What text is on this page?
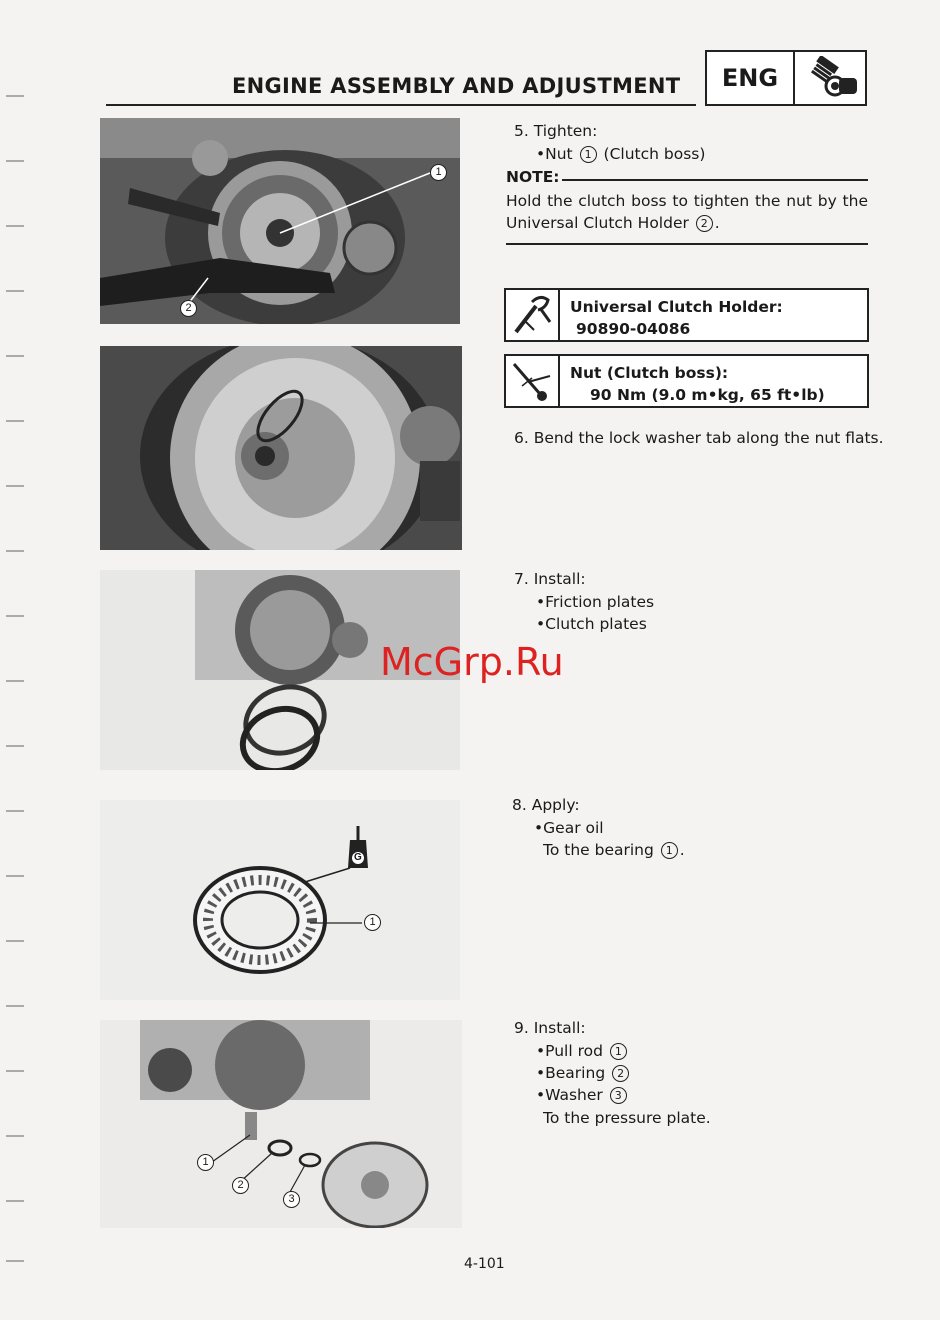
ENGINE ASSEMBLY AND ADJUSTMENT	ENG
1
2
G
1
1
2
3
5. Tighten:
•Nut 1 (Clutch boss)
NOTE:
Hold the clutch boss to tighten the nut by the Universal Clutch Holder 2 .
Universal Clutch Holder:
90890-04086
Nut (Clutch boss):
90 Nm (9.0 m•kg, 65 ft•lb)
6. Bend the lock washer tab along the nut flats.
7. Install:
•Friction plates
•Clutch plates
McGrp.Ru
8. Apply:
•Gear oil
To the bearing 1 .
9. Install:
•Pull rod 1
•Bearing 2
•Washer 3
To the pressure plate.
4-101
